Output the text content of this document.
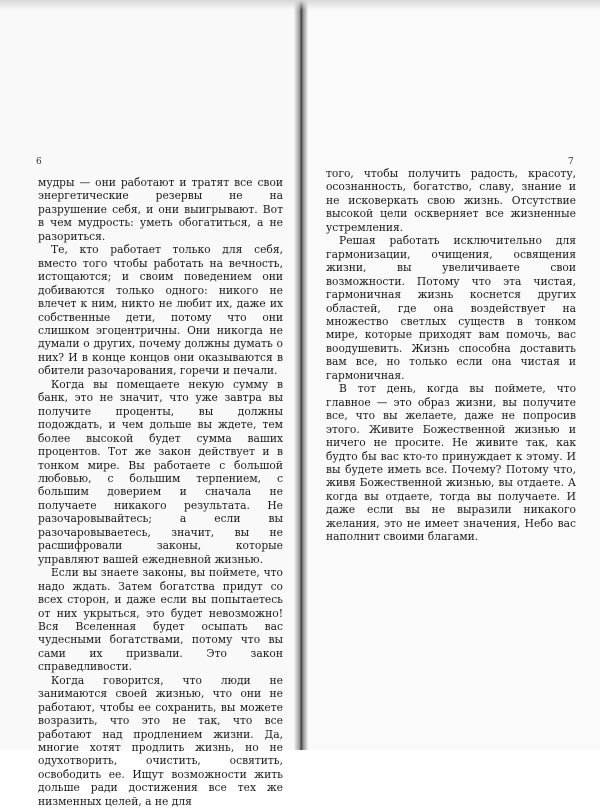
6

мудры — они работают и тратят все свои энергетические резервы не на разрушение себя, и они выигрывают. Вот в чем мудрость: уметь обогатиться, а не разориться.

Те, кто работает только для себя, вместо того чтобы работать на вечность, истощаются; и своим поведением они добиваются только одного: никого не влечет к ним, никто не любит их, даже их собственные дети, потому что они слишком эгоцентричны. Они никогда не думали о других, почему должны думать о них? И в конце концов они оказываются в обители разочарования, горечи и печали.

Когда вы помещаете некую сумму в банк, это не значит, что уже завтра вы получите проценты, вы должны подождать, и чем дольше вы ждете, тем более высокой будет сумма ваших процентов. Тот же закон действует и в тонком мире. Вы работаете с большой любовью, с большим терпением, с большим доверием и сначала не получаете никакого результата. Не разочаровывайтесь; а если вы разочаровываетесь, значит, вы не расшифровали законы, которые управляют вашей ежедневной жизнью.

Если вы знаете законы, вы поймете, что надо ждать. Затем богатства придут со всех сторон, и даже если вы попытаетесь от них укрыться, это будет невозможно! Вся Вселенная будет осыпать вас чудесными богатствами, потому что вы сами их призвали. Это закон справедливости.

Когда говорится, что люди не занимаются своей жизнью, что они не работают, чтобы ее сохранить, вы можете возразить, что это не так, что все работают над продлением жизни. Да, многие хотят продлить жизнь, но не одухотворить, очистить, освятить, освободить ее. Ищут возможности жить дольше ради достижения все тех же низменных целей, а не для

7

того, чтобы получить радость, красоту, осознанность, богатство, славу, знание и не исковеркать свою жизнь. Отсутствие высокой цели оскверняет все жизненные устремления.

Решая работать исключительно для гармонизации, очищения, освящения жизни, вы увеличиваете свои возможности. Потому что эта чистая, гармоничная жизнь коснется других областей, где она воздействует на множество светлых существ в тонком мире, которые приходят вам помочь, вас воодушевить. Жизнь способна доставить вам все, но только если она чистая и гармоничная.

В тот день, когда вы поймете, что главное — это образ жизни, вы получите все, что вы желаете, даже не попросив этого. Живите Божественной жизнью и ничего не просите. Не живите так, как будто бы вас кто-то принуждает к этому. И вы будете иметь все. Почему? Потому что, живя Божественной жизнью, вы отдаете. А когда вы отдаете, тогда вы получаете. И даже если вы не выразили никакого желания, это не имеет значения, Небо вас наполнит своими благами.
